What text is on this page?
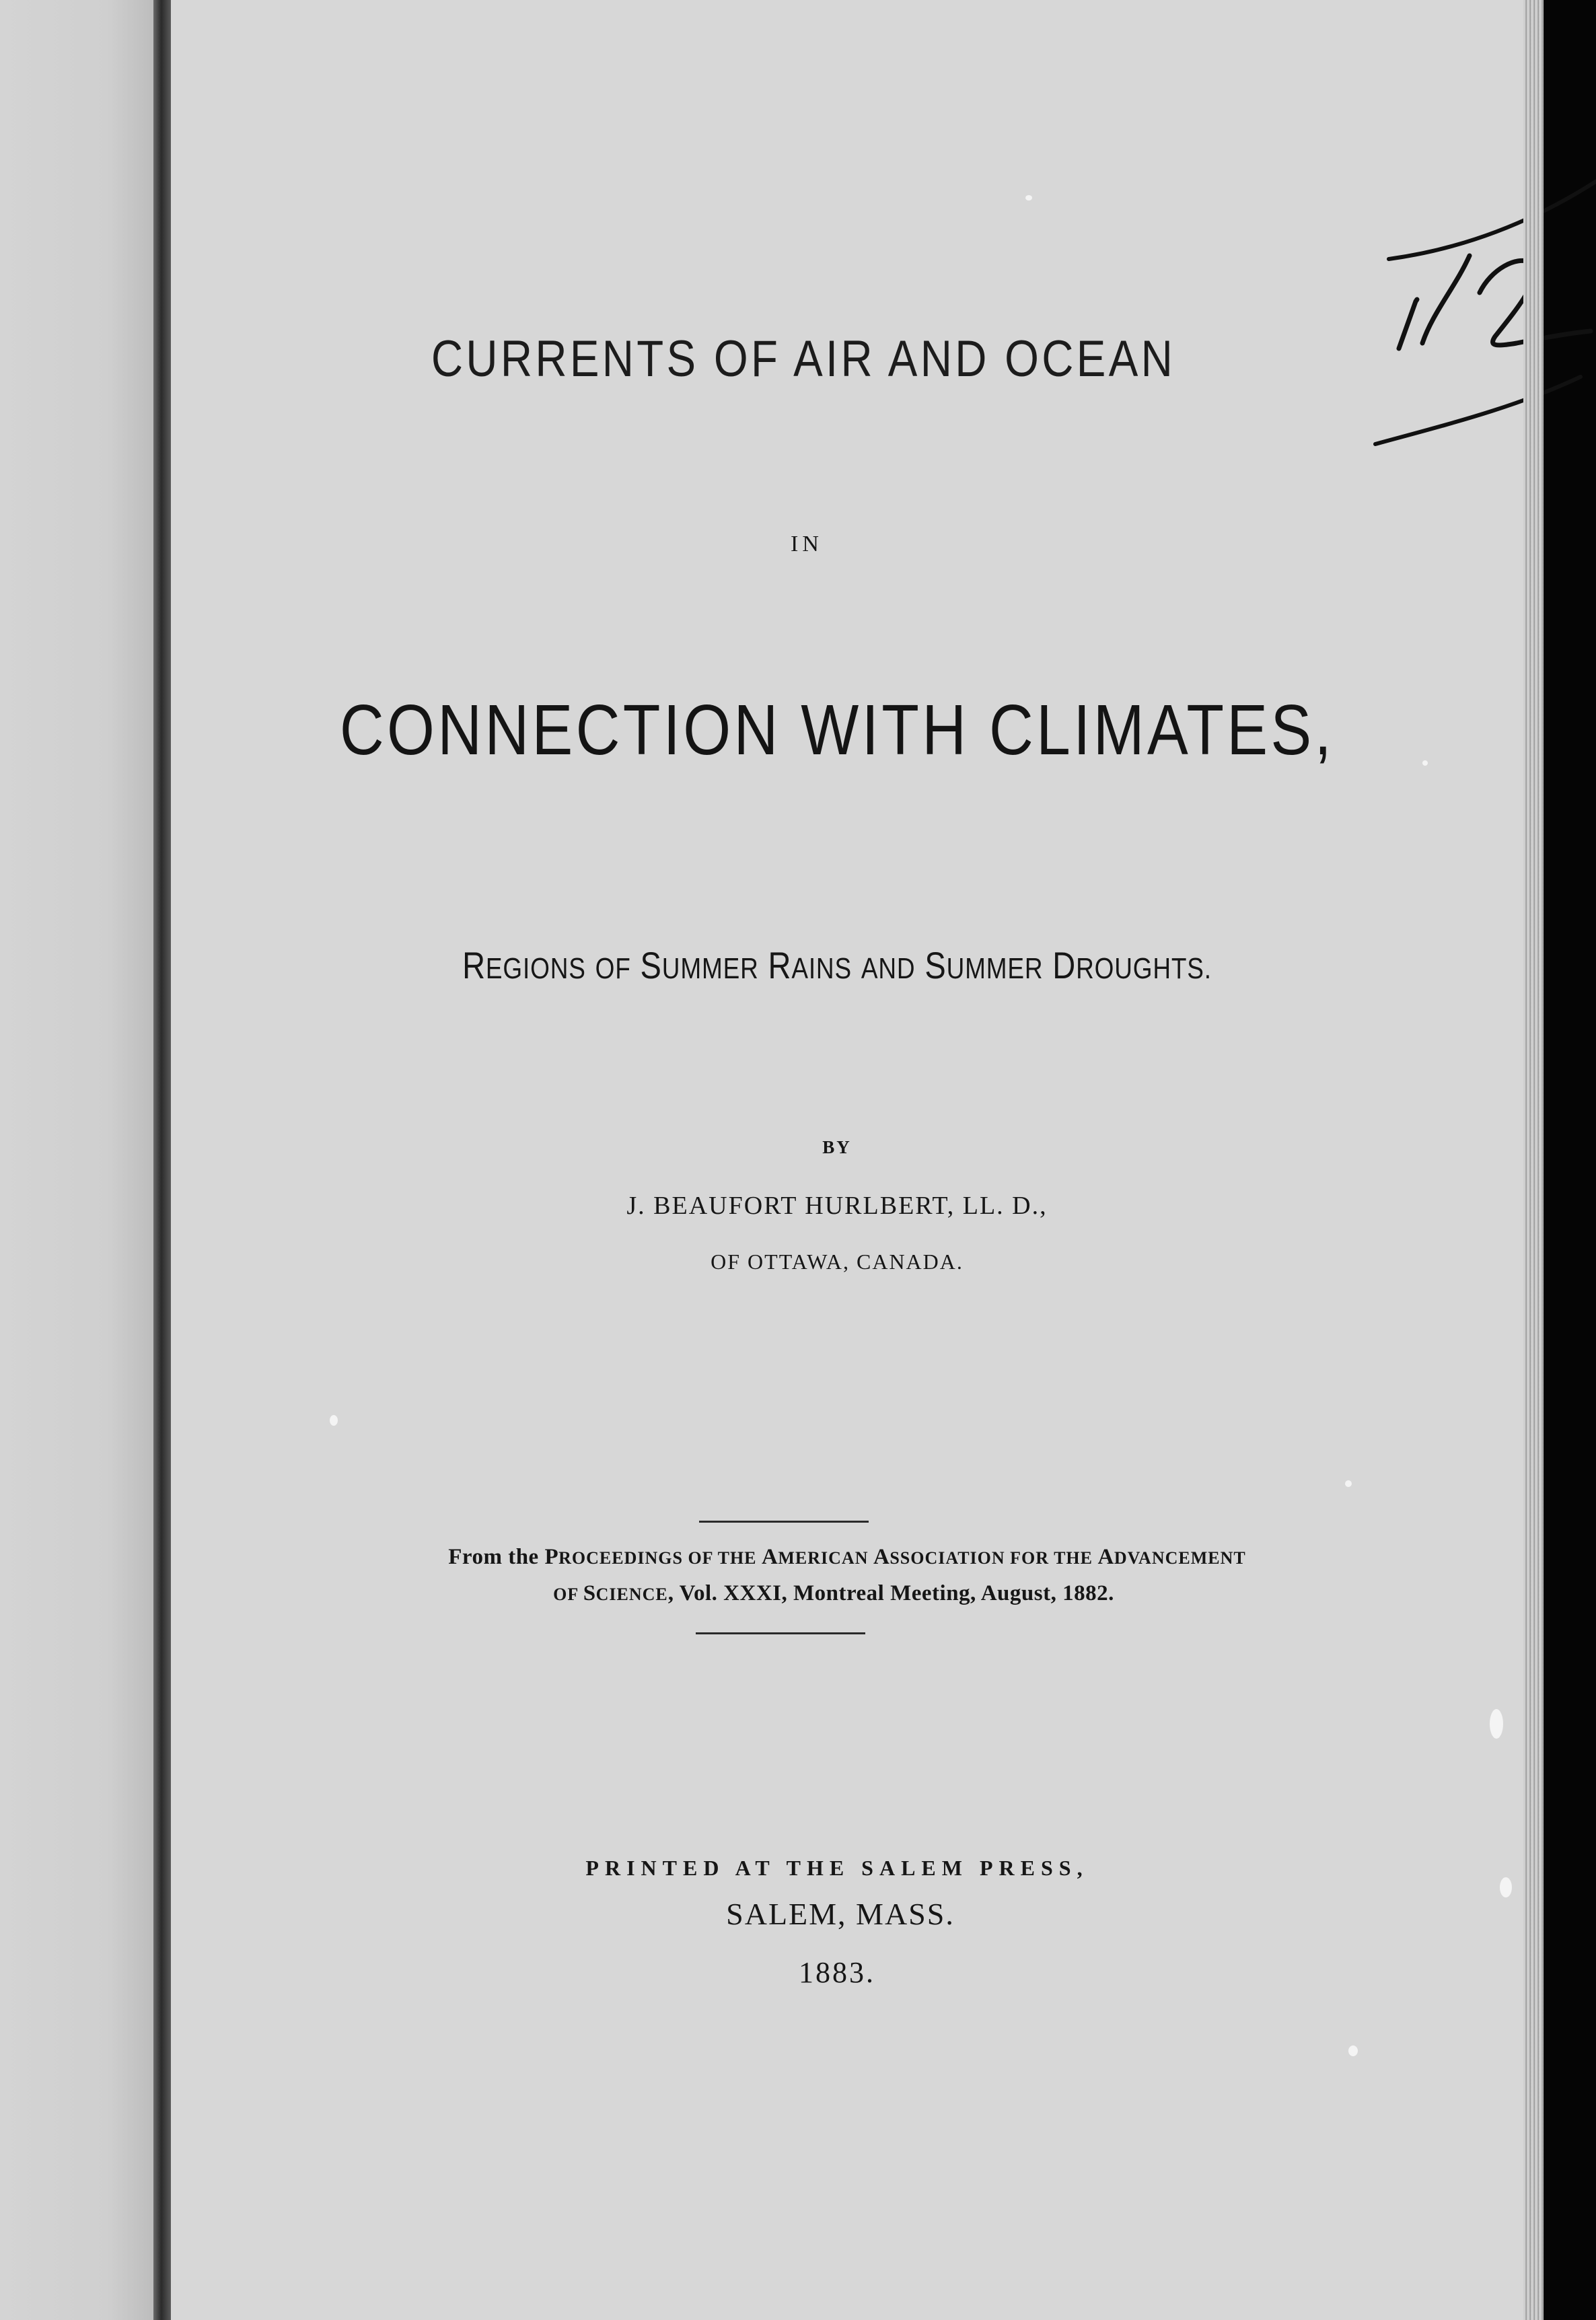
CURRENTS OF AIR AND OCEAN
IN
CONNECTION WITH CLIMATES,
REGIONS OF SUMMER RAINS AND SUMMER DROUGHTS.
BY
J. BEAUFORT HURLBERT, LL. D.,
OF OTTAWA, CANADA.
From the PROCEEDINGS OF THE AMERICAN ASSOCIATION FOR THE ADVANCEMENT
OF SCIENCE, Vol. XXXI, Montreal Meeting, August, 1882.
PRINTED AT THE SALEM PRESS,
SALEM, MASS.
1883.
